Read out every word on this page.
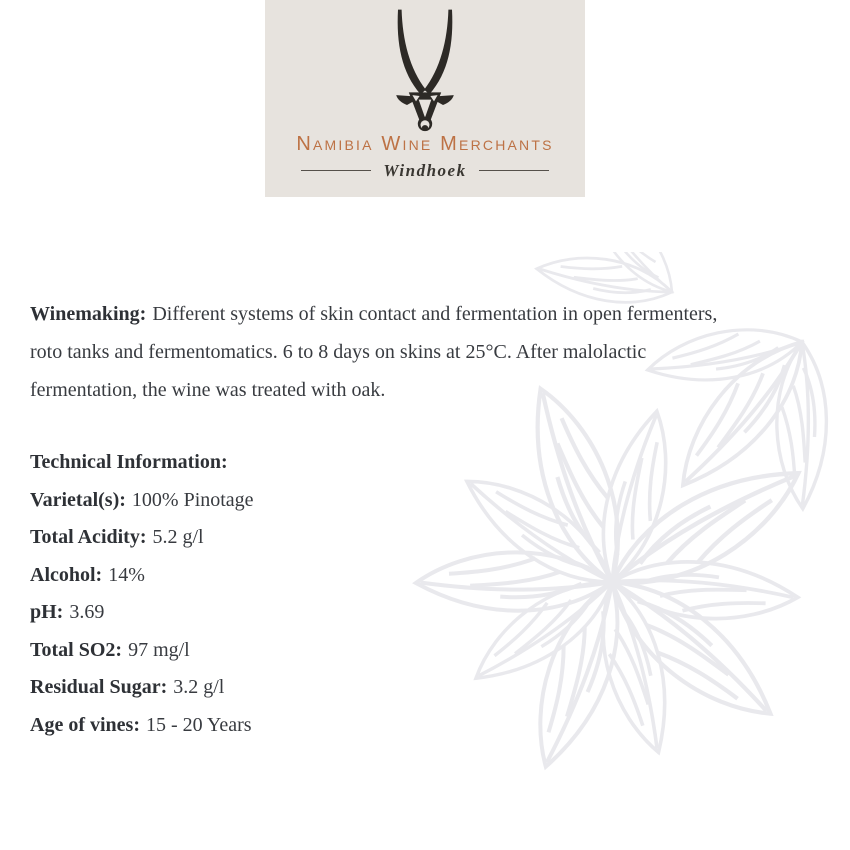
Namibia Wine Merchants
Windhoek

Winemaking: Different systems of skin contact and fermentation in open fermenters,
roto tanks and fermentomatics. 6 to 8 days on skins at 25°C. After malolactic
fermentation, the wine was treated with oak.

Technical Information:
Varietal(s): 100% Pinotage
Total Acidity: 5.2 g/l
Alcohol: 14%
pH: 3.69
Total SO2: 97 mg/l
Residual Sugar: 3.2 g/l
Age of vines: 15 - 20 Years
